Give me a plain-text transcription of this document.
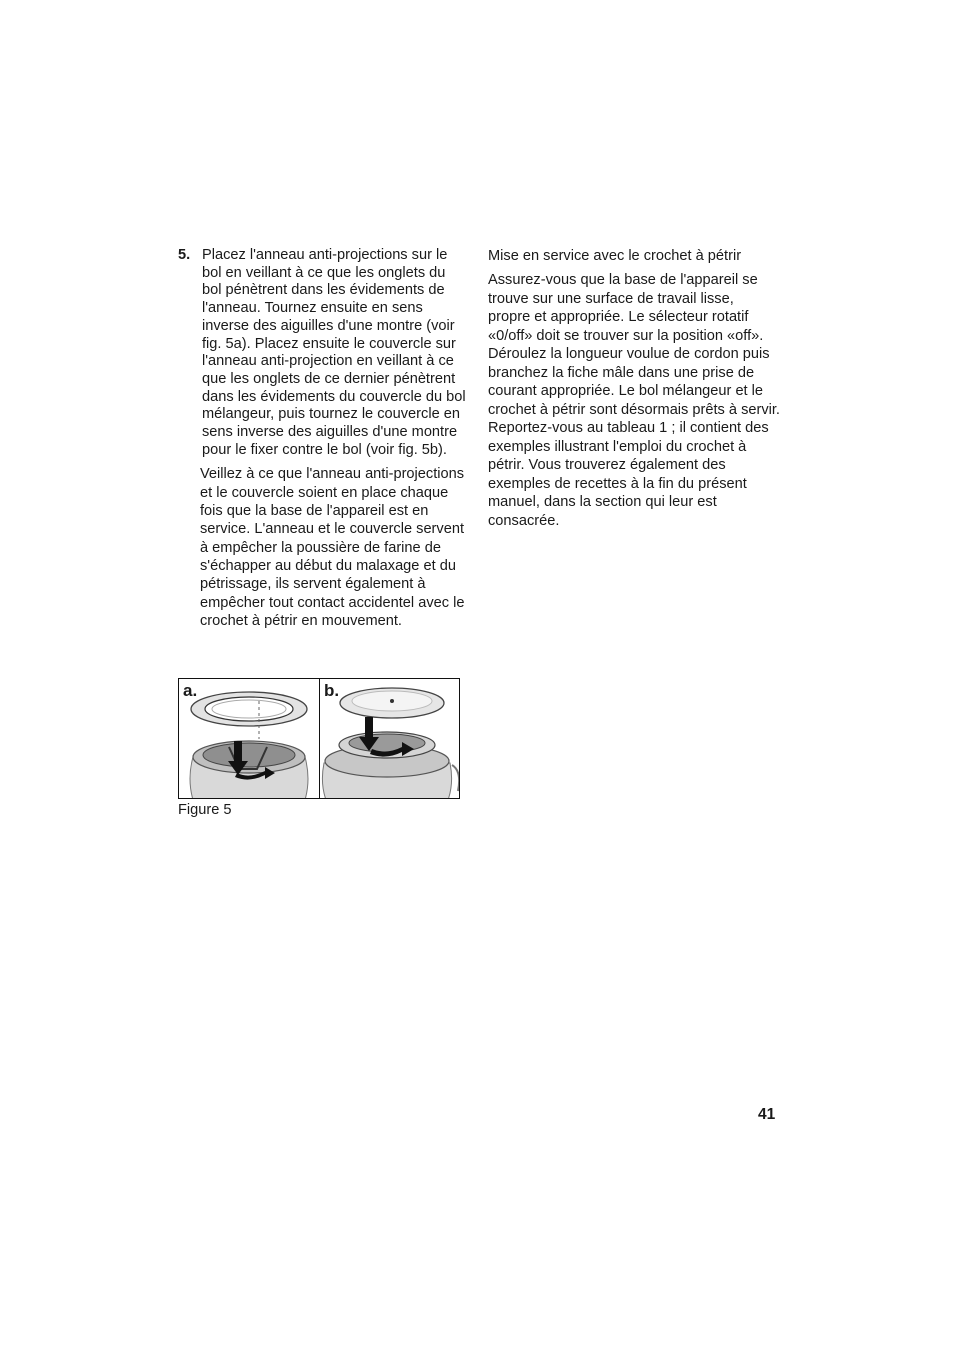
5. Placez l'anneau anti-projections sur le bol en veillant à ce que les onglets du bol pénètrent dans les évidements de l'anneau. Tournez ensuite en sens inverse des aiguilles d'une montre (voir fig. 5a). Placez ensuite le couvercle sur l'anneau anti-projection en veillant à ce que les onglets de ce dernier pénètrent dans les évidements du couvercle du bol mélangeur, puis tournez le couvercle en sens inverse des aiguilles d'une montre pour le fixer contre le bol (voir fig. 5b).
Veillez à ce que l'anneau anti-projections et le couvercle soient en place chaque fois que la base de l'appareil est en service. L'anneau et le couvercle servent à empêcher la poussière de farine de s'échapper au début du malaxage et du pétrissage, ils servent également à empêcher tout contact accidentel avec le crochet à pétrir en mouvement.
a.	b.
Figure 5
Mise en service avec le crochet à pétrir
Assurez-vous que la base de l'appareil se trouve sur une surface de travail lisse, propre et appropriée. Le sélecteur rotatif «0/off» doit se trouver sur la position «off». Déroulez la longueur voulue de cordon puis branchez la fiche mâle dans une prise de courant appropriée. Le bol mélangeur et le crochet à pétrir sont désormais prêts à servir. Reportez-vous au tableau 1 ; il contient des exemples illustrant l'emploi du crochet à pétrir. Vous trouverez également des exemples de recettes à la fin du présent manuel, dans la section qui leur est consacrée.
41
